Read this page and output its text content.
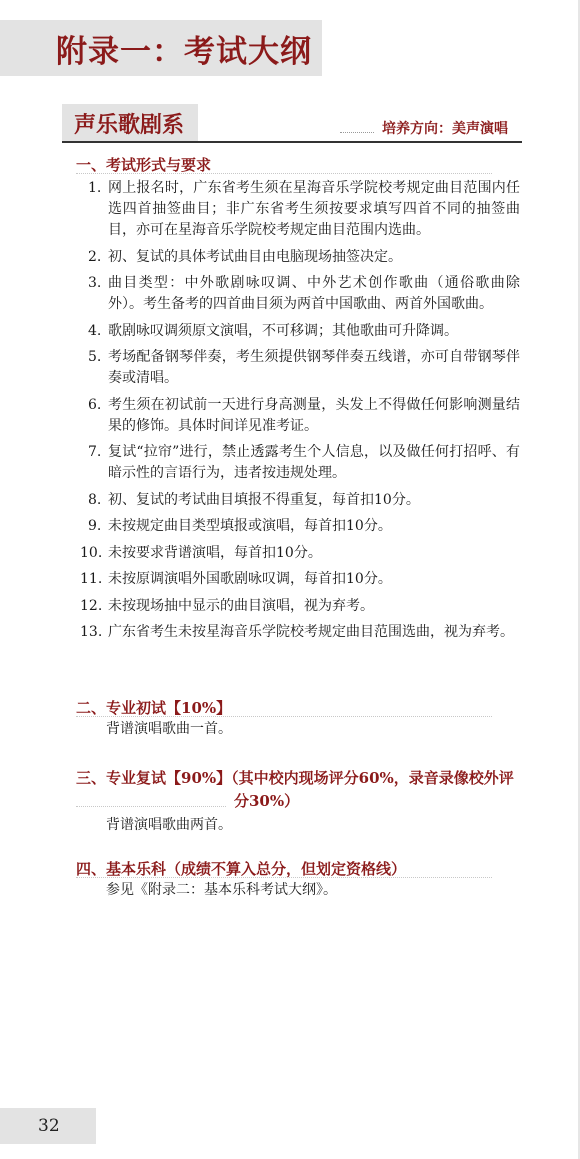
附录一：考试大纲
声乐歌剧系	培养方向：美声演唱
一、考试形式与要求
1. 网上报名时，广东省考生须在星海音乐学院校考规定曲目范围内任选四首抽签曲目；非广东省考生须按要求填写四首不同的抽签曲目，亦可在星海音乐学院校考规定曲目范围内选曲。
2. 初、复试的具体考试曲目由电脑现场抽签决定。
3. 曲目类型：中外歌剧咏叹调、中外艺术创作歌曲（通俗歌曲除外）。考生备考的四首曲目须为两首中国歌曲、两首外国歌曲。
4. 歌剧咏叹调须原文演唱，不可移调；其他歌曲可升降调。
5. 考场配备钢琴伴奏，考生须提供钢琴伴奏五线谱，亦可自带钢琴伴奏或清唱。
6. 考生须在初试前一天进行身高测量，头发上不得做任何影响测量结果的修饰。具体时间详见准考证。
7. 复试“拉帘”进行，禁止透露考生个人信息，以及做任何打招呼、有暗示性的言语行为，违者按违规处理。
8. 初、复试的考试曲目填报不得重复，每首扣10分。
9. 未按规定曲目类型填报或演唱，每首扣10分。
10. 未按要求背谱演唱，每首扣10分。
11. 未按原调演唱外国歌剧咏叹调，每首扣10分。
12. 未按现场抽中显示的曲目演唱，视为弃考。
13. 广东省考生未按星海音乐学院校考规定曲目范围选曲，视为弃考。
二、专业初试【10%】
背谱演唱歌曲一首。
三、专业复试【90%】（其中校内现场评分60%，录音录像校外评
分30%）
背谱演唱歌曲两首。
四、基本乐科（成绩不算入总分，但划定资格线）
参见《附录二：基本乐科考试大纲》。
32
